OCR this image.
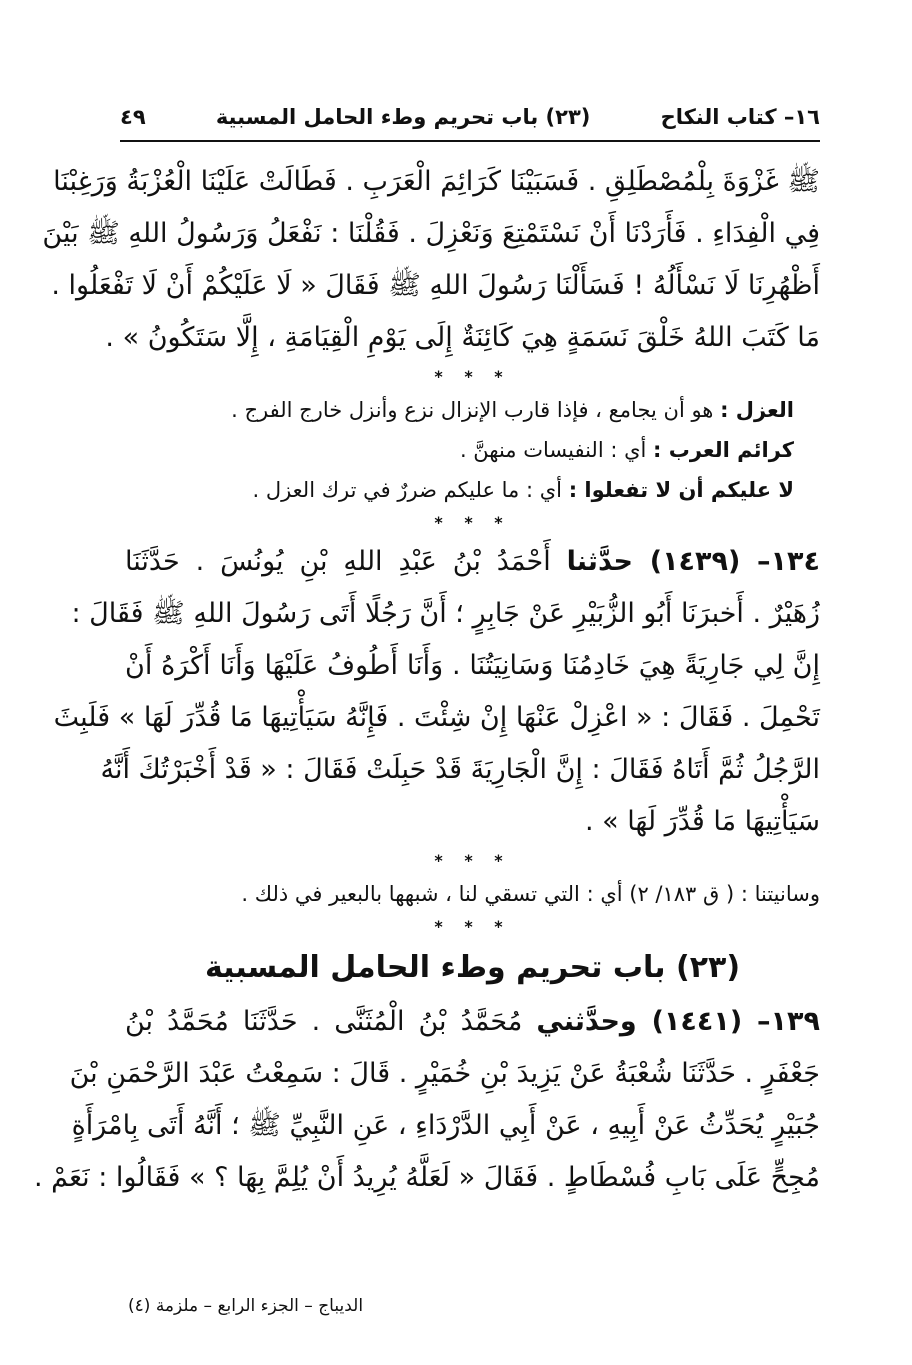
١٦– كتاب النكاح
(٢٣) باب تحريم وطء الحامل المسبية
٤٩
ﷺ غَزْوَةَ بِلْمُصْطَلِقِ . فَسَبَيْنَا كَرَائِمَ الْعَرَبِ . فَطَالَتْ عَلَيْنَا الْعُزْبَةُ وَرَغِبْنَا
فِي الْفِدَاءِ . فَأَرَدْنَا أَنْ نَسْتَمْتِعَ وَنَعْزِلَ . فَقُلْنَا : نَفْعَلُ وَرَسُولُ اللهِ ﷺ بَيْنَ
أَظْهُرِنَا لَا نَسْأَلُهُ ! فَسَأَلْنَا رَسُولَ اللهِ ﷺ فَقَالَ « لَا عَلَيْكُمْ أَنْ لَا تَفْعَلُوا .
مَا كَتَبَ اللهُ خَلْقَ نَسَمَةٍ هِيَ كَائِنَةٌ إِلَى يَوْمِ الْقِيَامَةِ ، إِلَّا سَتَكُونُ » .
* * *
العزل : هو أن يجامع ، فإذا قارب الإنزال نزع وأنزل خارج الفرج .
كرائم العرب : أي : النفيسات منهنَّ .
لا عليكم أن لا تفعلوا : أي : ما عليكم ضررٌ في ترك العزل .
* * *
١٣٤– (١٤٣٩) حدَّثنا أَحْمَدُ بْنُ عَبْدِ اللهِ بْنِ يُونُسَ . حَدَّثَنَا
زُهَيْرٌ . أَخبرَنَا أَبُو الزُّبَيْرِ عَنْ جَابِرٍ ؛ أَنَّ رَجُلًا أَتَى رَسُولَ اللهِ ﷺ فَقَالَ :
إِنَّ لِي جَارِيَةً هِيَ خَادِمُنَا وَسَانِيَتُنَا . وَأَنَا أَطُوفُ عَلَيْهَا وَأَنَا أَكْرَهُ أَنْ
تَحْمِلَ . فَقَالَ : « اعْزِلْ عَنْهَا إِنْ شِئْتَ . فَإِنَّهُ سَيَأْتِيهَا مَا قُدِّرَ لَهَا » فَلَبِثَ
الرَّجُلُ ثُمَّ أَتَاهُ فَقَالَ : إِنَّ الْجَارِيَةَ قَدْ حَبِلَتْ فَقَالَ : « قَدْ أَخْبَرْتُكَ أَنَّهُ
سَيَأْتِيهَا مَا قُدِّرَ لَهَا » .
* * *
وسانيتنا : ( ق ١٨٣/ ٢) أي : التي تسقي لنا ، شبهها بالبعير في ذلك .
* * *
(٢٣) باب تحريم وطء الحامل المسبية
١٣٩– (١٤٤١) وحدَّثني مُحَمَّدُ بْنُ الْمُثَنَّى . حَدَّثَنَا مُحَمَّدُ بْنُ
جَعْفَرٍ . حَدَّثَنَا شُعْبَةُ عَنْ يَزِيدَ بْنِ خُمَيْرٍ . قَالَ : سَمِعْتُ عَبْدَ الرَّحْمَنِ بْنَ
جُبَيْرٍ يُحَدِّثُ عَنْ أَبِيهِ ، عَنْ أَبِي الدَّرْدَاءِ ، عَنِ النَّبِيِّ ﷺ ؛ أَنَّهُ أَتَى بِامْرَأَةٍ
مُجِحٍّ عَلَى بَابِ فُسْطَاطٍ . فَقَالَ « لَعَلَّهُ يُرِيدُ أَنْ يُلِمَّ بِهَا ؟ » فَقَالُوا : نَعَمْ .
الديباج – الجزء الرابع – ملزمة (٤)
